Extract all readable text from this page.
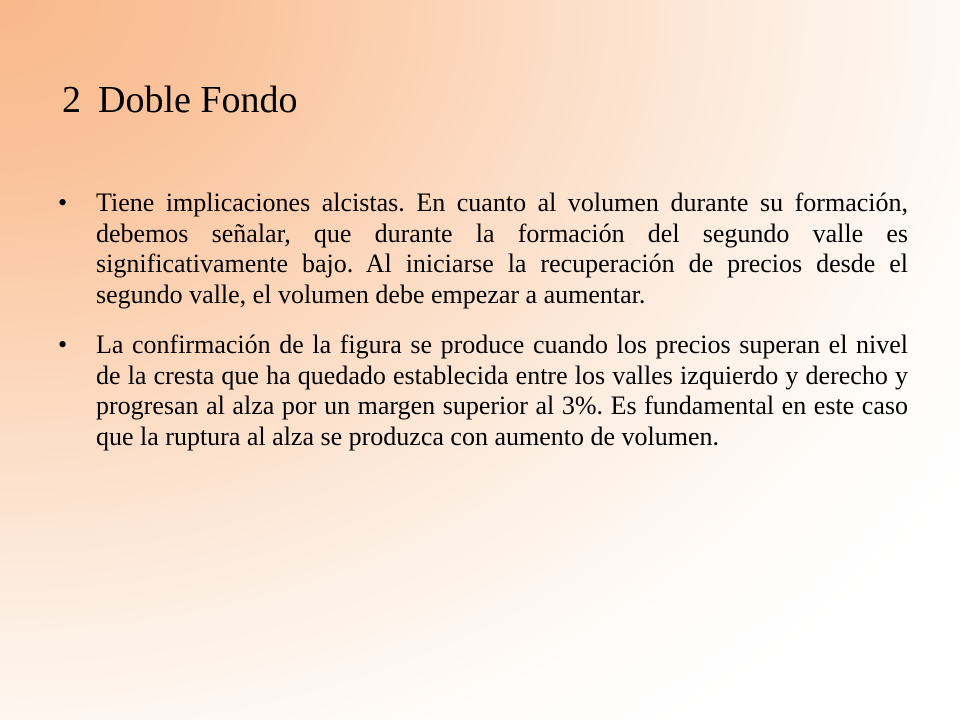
2 Doble Fondo
•	Tiene implicaciones alcistas. En cuanto al volumen durante su formación, debemos señalar, que durante la formación del segundo valle es significativamente bajo. Al iniciarse la recuperación de precios desde el segundo valle, el volumen debe empezar a aumentar.
•	La confirmación de la figura se produce cuando los precios superan el nivel de la cresta que ha quedado establecida entre los valles izquierdo y derecho y progresan al alza por un margen superior al 3%. Es fundamental en este caso que la ruptura al alza se produzca con aumento de volumen.
